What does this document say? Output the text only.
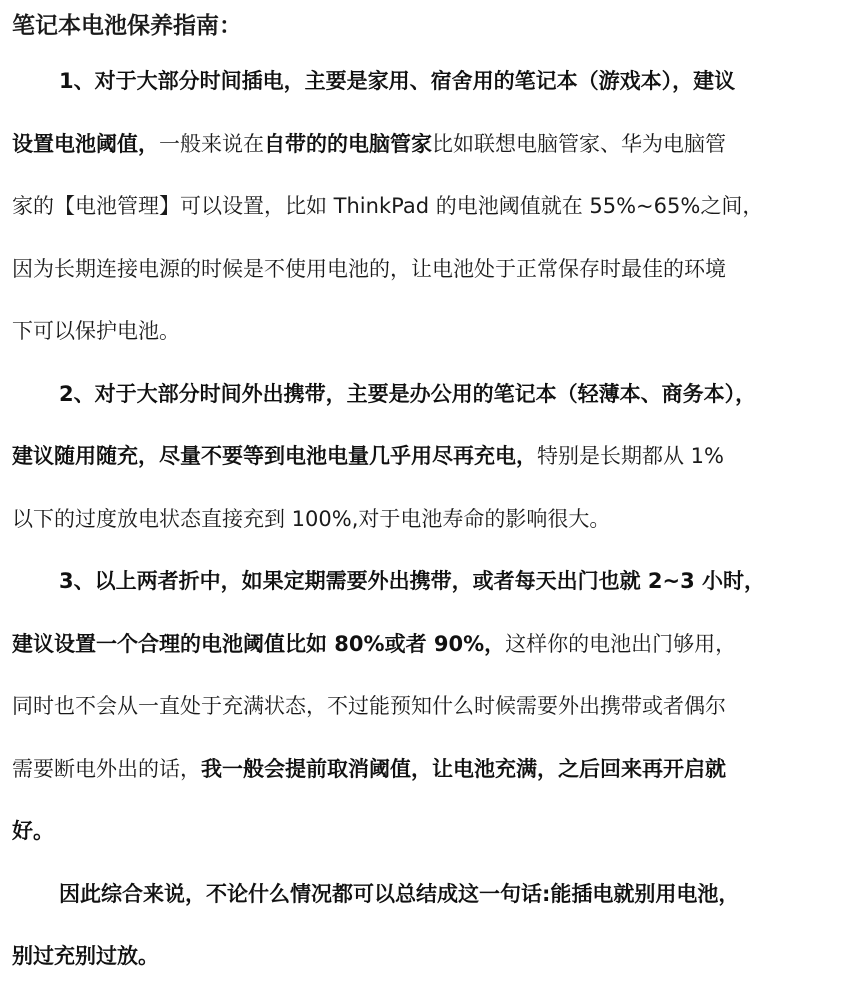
笔记本电池保养指南：
1、对于大部分时间插电，主要是家用、宿舍用的笔记本（游戏本），建议
设置电池阈值，一般来说在自带的的电脑管家比如联想电脑管家、华为电脑管
家的【电池管理】可以设置，比如 ThinkPad 的电池阈值就在 55%~65%之间，
因为长期连接电源的时候是不使用电池的，让电池处于正常保存时最佳的环境
下可以保护电池。
2、对于大部分时间外出携带，主要是办公用的笔记本（轻薄本、商务本），
建议随用随充，尽量不要等到电池电量几乎用尽再充电，特别是长期都从 1%
以下的过度放电状态直接充到 100%,对于电池寿命的影响很大。
3、以上两者折中，如果定期需要外出携带，或者每天出门也就 2~3 小时，
建议设置一个合理的电池阈值比如 80%或者 90%，这样你的电池出门够用，
同时也不会从一直处于充满状态，不过能预知什么时候需要外出携带或者偶尔
需要断电外出的话，我一般会提前取消阈值，让电池充满，之后回来再开启就
好。
因此综合来说，不论什么情况都可以总结成这一句话:能插电就别用电池，
别过充别过放。
